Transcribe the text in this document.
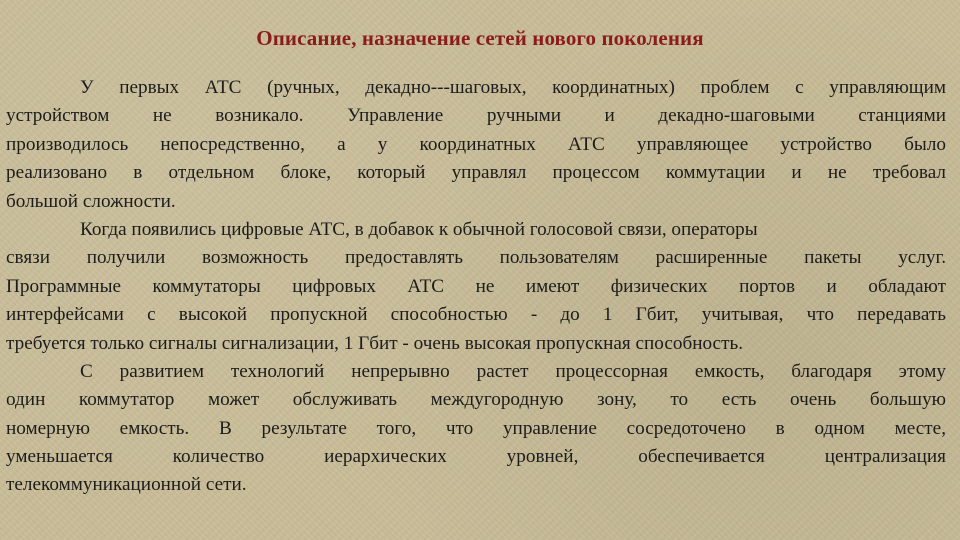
Описание, назначение сетей нового поколения
У первых АТС (ручных, декадно---шаговых, координатных) проблем с управляющим
устройством не возникало. Управление ручными и декадно-шаговыми станциями
производилось непосредственно, а у координатных АТС управляющее устройство было
реализовано в отдельном блоке, который управлял процессом коммутации и не требовал
большой сложности.
Когда появились цифровые АТС, в добавок к обычной голосовой связи, операторы
связи получили возможность предоставлять пользователям расширенные пакеты услуг.
Программные коммутаторы цифровых АТС не имеют физических портов и обладают
интерфейсами с высокой пропускной способностью - до 1 Гбит, учитывая, что передавать
требуется только сигналы сигнализации, 1 Гбит - очень высокая пропускная способность.
С развитием технологий непрерывно растет процессорная емкость, благодаря этому
один коммутатор может обслуживать междугородную зону, то есть очень большую
номерную емкость. В результате того, что управление сосредоточено в одном месте,
уменьшается количество иерархических уровней, обеспечивается централизация
телекоммуникационной сети.
